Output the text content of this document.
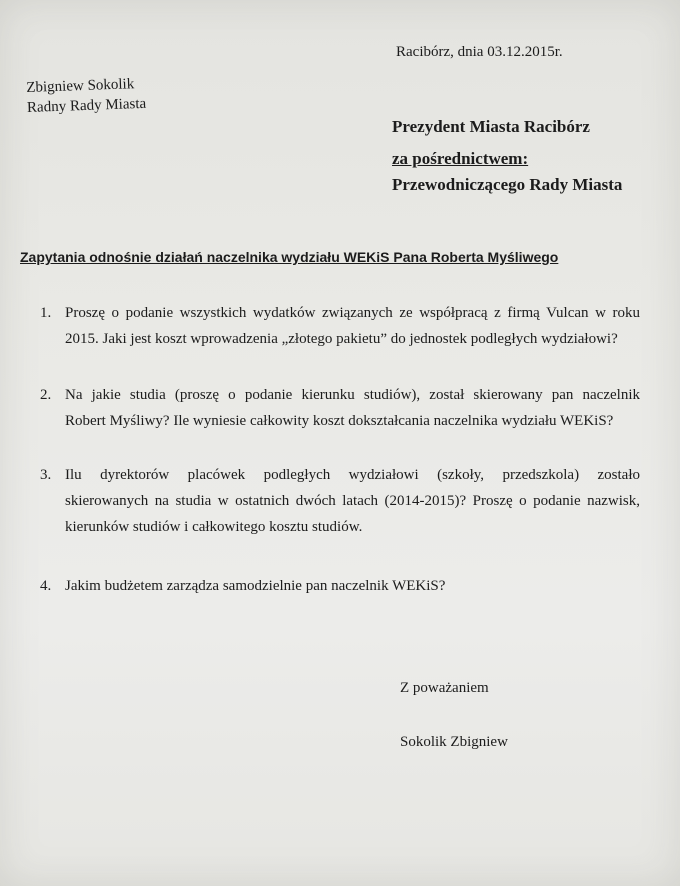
Racibórz, dnia 03.12.2015r.
Zbigniew Sokolik
Radny Rady Miasta
Prezydent Miasta Racibórz
za pośrednictwem:
Przewodniczącego Rady Miasta
Zapytania odnośnie działań naczelnika wydziału WEKiS Pana Roberta Myśliwego
1. Proszę o podanie wszystkich wydatków związanych ze współpracą z firmą Vulcan w roku
2015. Jaki jest koszt wprowadzenia „złotego pakietu” do jednostek podległych wydziałowi?
2. Na jakie studia (proszę o podanie kierunku studiów), został skierowany pan naczelnik
Robert Myśliwy? Ile wyniesie całkowity koszt dokształcania naczelnika wydziału WEKiS?
3. Ilu dyrektorów placówek podległych wydziałowi (szkoły, przedszkola) zostało
skierowanych na studia w ostatnich dwóch latach (2014-2015)? Proszę o podanie nazwisk,
kierunków studiów i całkowitego kosztu studiów.
4. Jakim budżetem zarządza samodzielnie pan naczelnik WEKiS?
Z poważaniem
Sokolik Zbigniew
